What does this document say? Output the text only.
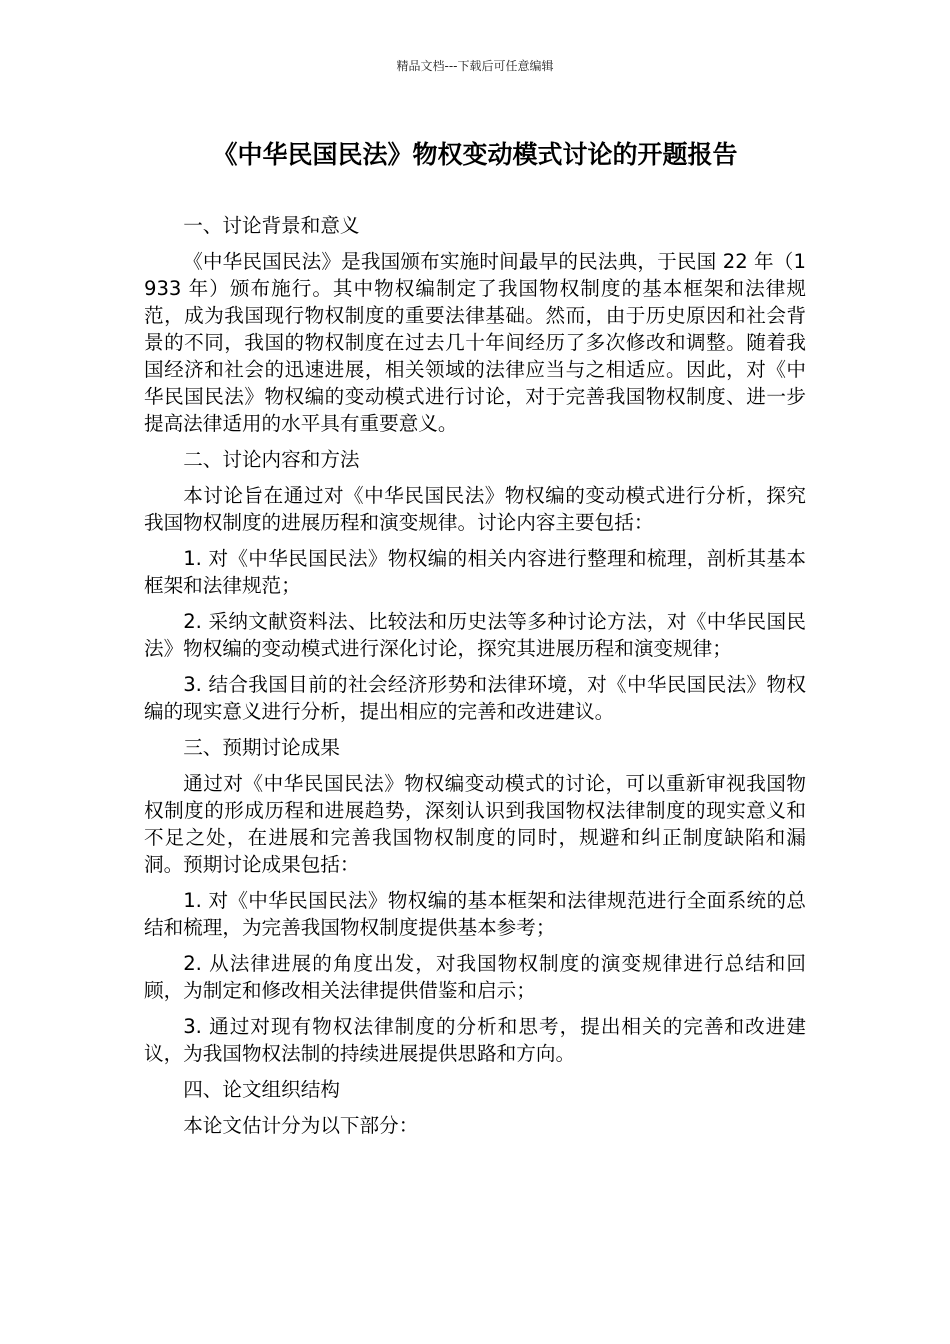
精品文档---下载后可任意编辑
《中华民国民法》物权变动模式讨论的开题报告

一、讨论背景和意义

《中华民国民法》是我国颁布实施时间最早的民法典，于民国 22 年（1933 年）颁布施行。其中物权编制定了我国物权制度的基本框架和法律规范，成为我国现行物权制度的重要法律基础。然而，由于历史原因和社会背景的不同，我国的物权制度在过去几十年间经历了多次修改和调整。随着我国经济和社会的迅速进展，相关领域的法律应当与之相适应。因此，对《中华民国民法》物权编的变动模式进行讨论，对于完善我国物权制度、进一步提高法律适用的水平具有重要意义。

二、讨论内容和方法

本讨论旨在通过对《中华民国民法》物权编的变动模式进行分析，探究我国物权制度的进展历程和演变规律。讨论内容主要包括：

1. 对《中华民国民法》物权编的相关内容进行整理和梳理，剖析其基本框架和法律规范；

2. 采纳文献资料法、比较法和历史法等多种讨论方法，对《中华民国民法》物权编的变动模式进行深化讨论，探究其进展历程和演变规律；

3. 结合我国目前的社会经济形势和法律环境，对《中华民国民法》物权编的现实意义进行分析，提出相应的完善和改进建议。

三、预期讨论成果

通过对《中华民国民法》物权编变动模式的讨论，可以重新审视我国物权制度的形成历程和进展趋势，深刻认识到我国物权法律制度的现实意义和不足之处，在进展和完善我国物权制度的同时，规避和纠正制度缺陷和漏洞。预期讨论成果包括：

1. 对《中华民国民法》物权编的基本框架和法律规范进行全面系统的总结和梳理，为完善我国物权制度提供基本参考；

2. 从法律进展的角度出发，对我国物权制度的演变规律进行总结和回顾，为制定和修改相关法律提供借鉴和启示；

3. 通过对现有物权法律制度的分析和思考，提出相关的完善和改进建议，为我国物权法制的持续进展提供思路和方向。

四、论文组织结构

本论文估计分为以下部分：
